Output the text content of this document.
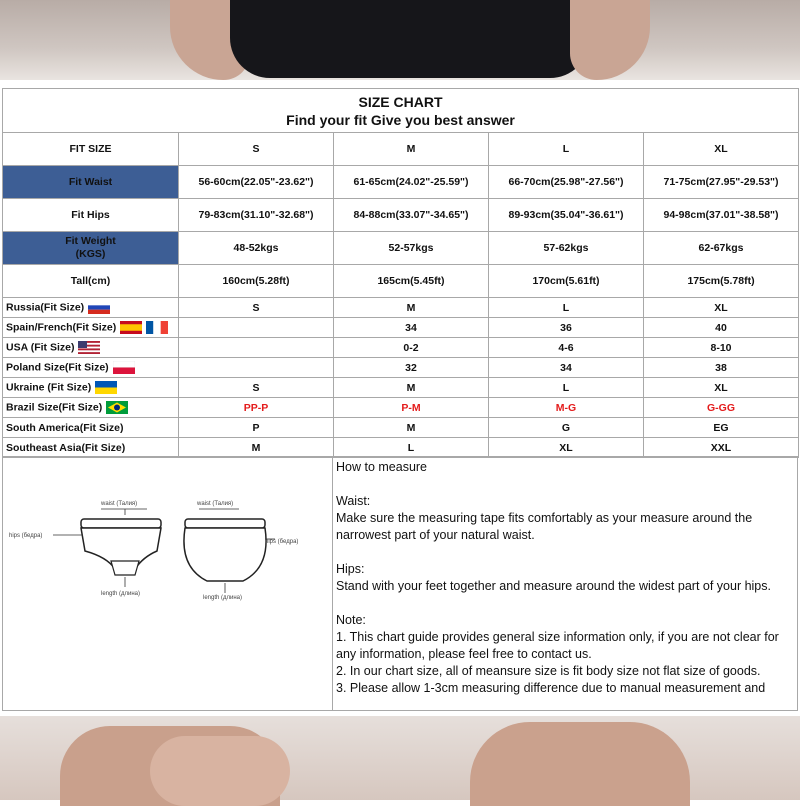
SIZE CHART
Find your fit Give you best answer				

FIT SIZE	S	M	L	XL
Fit Waist	56-60cm(22.05"-23.62")	61-65cm(24.02"-25.59")	66-70cm(25.98"-27.56")	71-75cm(27.95"-29.53")
Fit Hips	79-83cm(31.10"-32.68")	84-88cm(33.07"-34.65")	89-93cm(35.04"-36.61")	94-98cm(37.01"-38.58")
Fit Weight
(KGS)	48-52kgs	52-57kgs	57-62kgs	62-67kgs
Tall(cm)	160cm(5.28ft)	165cm(5.45ft)	170cm(5.61ft)	175cm(5.78ft)
Russia(Fit Size)	S	M	L	XL
Spain/French(Fit Size)		34	36	40
USA (Fit Size)		0-2	4-6	8-10
Poland Size(Fit Size)		32	34	38
Ukraine (Fit Size)	S	M	L	XL
Brazil Size(Fit Size)	PP-P	P-M	M-G	G-GG
South America(Fit Size)	P	M	G	EG
Southeast Asia(Fit Size)	M	L	XL	XXL
waist (Талия)
hips (бедра)
length (длина)
waist (Талия)
hips (бедра)
length (длина)

How to measure

Waist:

Make sure the measuring tape fits comfortably as your measure around the narrowest part of your natural waist.

Hips:

Stand with your feet together and measure around the widest part of your hips.

Note:

1. This chart guide provides general size information only, if you are not clear for any information, please feel free to contact us.

2. In our chart size, all of meansure size is fit body size not flat size of goods.

3. Please allow 1-3cm measuring difference due to manual measurement and
